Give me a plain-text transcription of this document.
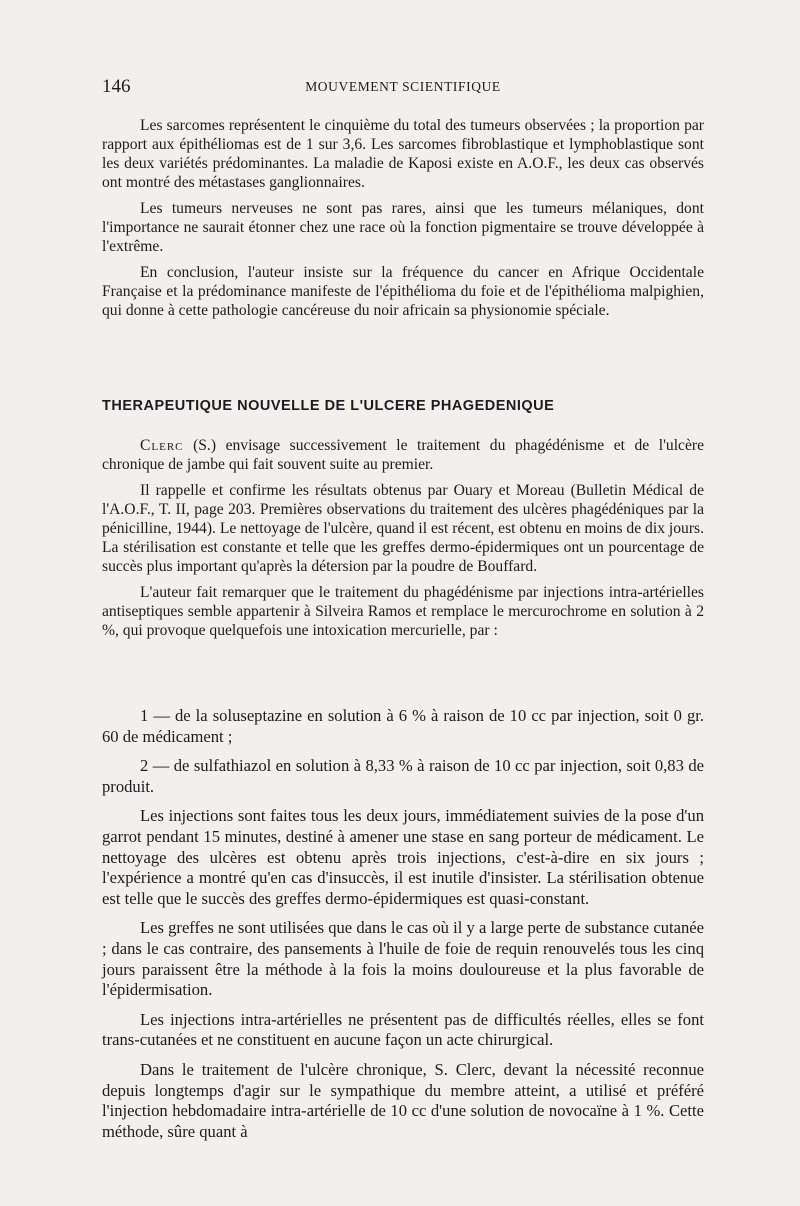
146	MOUVEMENT SCIENTIFIQUE

Les sarcomes représentent le cinquième du total des tumeurs observées ; la proportion par rapport aux épithéliomas est de 1 sur 3,6. Les sarcomes fibroblastique et lymphoblastique sont les deux variétés prédominantes. La maladie de Kaposi existe en A.O.F., les deux cas observés ont montré des métastases ganglionnaires.

Les tumeurs nerveuses ne sont pas rares, ainsi que les tumeurs mélaniques, dont l'importance ne saurait étonner chez une race où la fonction pigmentaire se trouve développée à l'extrême.

En conclusion, l'auteur insiste sur la fréquence du cancer en Afrique Occidentale Française et la prédominance manifeste de l'épithélioma du foie et de l'épithélioma malpighien, qui donne à cette pathologie cancéreuse du noir africain sa physionomie spéciale.

THERAPEUTIQUE NOUVELLE DE L'ULCERE PHAGEDENIQUE

Clerc (S.) envisage successivement le traitement du phagédénisme et de l'ulcère chronique de jambe qui fait souvent suite au premier.

Il rappelle et confirme les résultats obtenus par Ouary et Moreau (Bulletin Médical de l'A.O.F., T. II, page 203. Premières observations du traitement des ulcères phagédéniques par la pénicilline, 1944). Le nettoyage de l'ulcère, quand il est récent, est obtenu en moins de dix jours. La stérilisation est constante et telle que les greffes dermo-épidermiques ont un pourcentage de succès plus important qu'après la détersion par la poudre de Bouffard.

L'auteur fait remarquer que le traitement du phagédénisme par injections intra-artérielles antiseptiques semble appartenir à Silveira Ramos et remplace le mercurochrome en solution à 2 %, qui provoque quelquefois une intoxication mercurielle, par :

1 — de la soluseptazine en solution à 6 % à raison de 10 cc par injection, soit 0 gr. 60 de médicament ;

2 — de sulfathiazol en solution à 8,33 % à raison de 10 cc par injection, soit 0,83 de produit.

Les injections sont faites tous les deux jours, immédiatement suivies de la pose d'un garrot pendant 15 minutes, destiné à amener une stase en sang porteur de médicament. Le nettoyage des ulcères est obtenu après trois injections, c'est-à-dire en six jours ; l'expérience a montré qu'en cas d'insuccès, il est inutile d'insister. La stérilisation obtenue est telle que le succès des greffes dermo-épidermiques est quasi-constant.

Les greffes ne sont utilisées que dans le cas où il y a large perte de substance cutanée ; dans le cas contraire, des pansements à l'huile de foie de requin renouvelés tous les cinq jours paraissent être la méthode à la fois la moins douloureuse et la plus favorable de l'épidermisation.

Les injections intra-artérielles ne présentent pas de difficultés réelles, elles se font trans-cutanées et ne constituent en aucune façon un acte chirurgical.

Dans le traitement de l'ulcère chronique, S. Clerc, devant la nécessité reconnue depuis longtemps d'agir sur le sympathique du membre atteint, a utilisé et préféré l'injection hebdomadaire intra-artérielle de 10 cc d'une solution de novocaïne à 1 %. Cette méthode, sûre quant à
